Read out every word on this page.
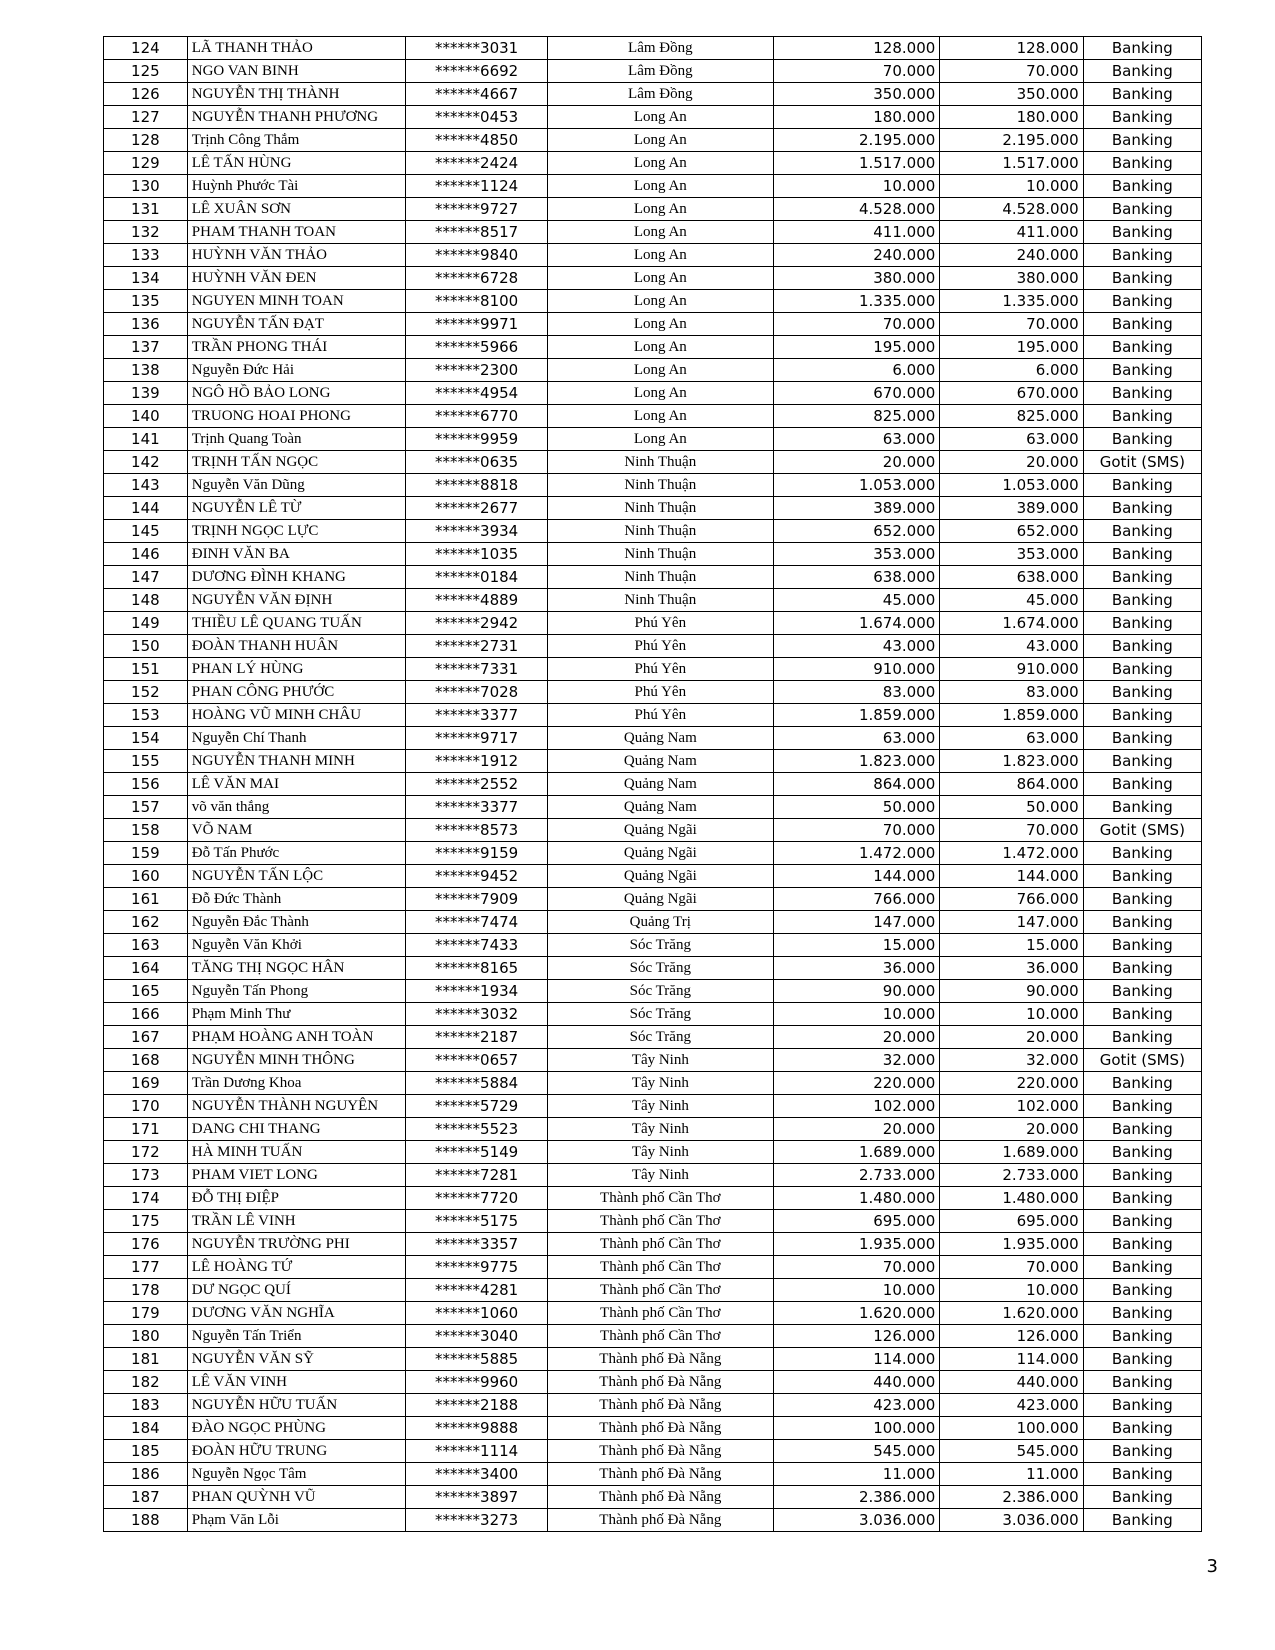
124	LÃ THANH THẢO	******3031	Lâm Đồng	128.000	128.000	Banking
125	NGO VAN BINH	******6692	Lâm Đồng	70.000	70.000	Banking
126	NGUYỄN THỊ THÀNH	******4667	Lâm Đồng	350.000	350.000	Banking
127	NGUYỄN THANH PHƯƠNG	******0453	Long An	180.000	180.000	Banking
128	Trịnh Công Thắm	******4850	Long An	2.195.000	2.195.000	Banking
129	LÊ TẤN HÙNG	******2424	Long An	1.517.000	1.517.000	Banking
130	Huỳnh Phước Tài	******1124	Long An	10.000	10.000	Banking
131	LÊ XUÂN SƠN	******9727	Long An	4.528.000	4.528.000	Banking
132	PHAM THANH TOAN	******8517	Long An	411.000	411.000	Banking
133	HUỲNH VĂN THẢO	******9840	Long An	240.000	240.000	Banking
134	HUỲNH VĂN ĐEN	******6728	Long An	380.000	380.000	Banking
135	NGUYEN MINH TOAN	******8100	Long An	1.335.000	1.335.000	Banking
136	NGUYỄN TẤN ĐẠT	******9971	Long An	70.000	70.000	Banking
137	TRẦN PHONG THÁI	******5966	Long An	195.000	195.000	Banking
138	Nguyễn Đức Hải	******2300	Long An	6.000	6.000	Banking
139	NGÔ HỒ BẢO LONG	******4954	Long An	670.000	670.000	Banking
140	TRUONG HOAI PHONG	******6770	Long An	825.000	825.000	Banking
141	Trịnh Quang Toàn	******9959	Long An	63.000	63.000	Banking
142	TRỊNH TẤN NGỌC	******0635	Ninh Thuận	20.000	20.000	Gotit (SMS)
143	Nguyễn Văn Dũng	******8818	Ninh Thuận	1.053.000	1.053.000	Banking
144	NGUYỄN LÊ TỪ	******2677	Ninh Thuận	389.000	389.000	Banking
145	TRỊNH NGỌC LỰC	******3934	Ninh Thuận	652.000	652.000	Banking
146	ĐINH VĂN BA	******1035	Ninh Thuận	353.000	353.000	Banking
147	DƯƠNG ĐÌNH KHANG	******0184	Ninh Thuận	638.000	638.000	Banking
148	NGUYỄN VĂN ĐỊNH	******4889	Ninh Thuận	45.000	45.000	Banking
149	THIỀU LÊ QUANG TUẤN	******2942	Phú Yên	1.674.000	1.674.000	Banking
150	ĐOÀN THANH HUÂN	******2731	Phú Yên	43.000	43.000	Banking
151	PHAN LÝ HÙNG	******7331	Phú Yên	910.000	910.000	Banking
152	PHAN CÔNG PHƯỚC	******7028	Phú Yên	83.000	83.000	Banking
153	HOÀNG VŨ MINH CHÂU	******3377	Phú Yên	1.859.000	1.859.000	Banking
154	Nguyễn Chí Thanh	******9717	Quảng Nam	63.000	63.000	Banking
155	NGUYỄN THANH MINH	******1912	Quảng Nam	1.823.000	1.823.000	Banking
156	LÊ VĂN MAI	******2552	Quảng Nam	864.000	864.000	Banking
157	võ văn thắng	******3377	Quảng Nam	50.000	50.000	Banking
158	VÕ NAM	******8573	Quảng Ngãi	70.000	70.000	Gotit (SMS)
159	Đỗ Tấn Phước	******9159	Quảng Ngãi	1.472.000	1.472.000	Banking
160	NGUYỄN TẤN LỘC	******9452	Quảng Ngãi	144.000	144.000	Banking
161	Đỗ Đức Thành	******7909	Quảng Ngãi	766.000	766.000	Banking
162	Nguyễn Đắc Thành	******7474	Quảng Trị	147.000	147.000	Banking
163	Nguyễn Văn Khởi	******7433	Sóc Trăng	15.000	15.000	Banking
164	TĂNG THỊ NGỌC HÂN	******8165	Sóc Trăng	36.000	36.000	Banking
165	Nguyễn Tấn Phong	******1934	Sóc Trăng	90.000	90.000	Banking
166	Phạm Minh Thư	******3032	Sóc Trăng	10.000	10.000	Banking
167	PHẠM HOÀNG ANH TOÀN	******2187	Sóc Trăng	20.000	20.000	Banking
168	NGUYỄN MINH THÔNG	******0657	Tây Ninh	32.000	32.000	Gotit (SMS)
169	Trần Dương Khoa	******5884	Tây Ninh	220.000	220.000	Banking
170	NGUYỄN THÀNH NGUYÊN	******5729	Tây Ninh	102.000	102.000	Banking
171	DANG CHI THANG	******5523	Tây Ninh	20.000	20.000	Banking
172	HÀ MINH TUẤN	******5149	Tây Ninh	1.689.000	1.689.000	Banking
173	PHAM VIET LONG	******7281	Tây Ninh	2.733.000	2.733.000	Banking
174	ĐỖ THỊ ĐIỆP	******7720	Thành phố Cần Thơ	1.480.000	1.480.000	Banking
175	TRẦN LÊ VINH	******5175	Thành phố Cần Thơ	695.000	695.000	Banking
176	NGUYỄN TRƯỜNG PHI	******3357	Thành phố Cần Thơ	1.935.000	1.935.000	Banking
177	LÊ HOÀNG TỨ	******9775	Thành phố Cần Thơ	70.000	70.000	Banking
178	DƯ NGỌC QUÍ	******4281	Thành phố Cần Thơ	10.000	10.000	Banking
179	DƯƠNG VĂN NGHĨA	******1060	Thành phố Cần Thơ	1.620.000	1.620.000	Banking
180	Nguyễn Tấn Triển	******3040	Thành phố Cần Thơ	126.000	126.000	Banking
181	NGUYỄN VĂN SỸ	******5885	Thành phố Đà Nẵng	114.000	114.000	Banking
182	LÊ VĂN VINH	******9960	Thành phố Đà Nẵng	440.000	440.000	Banking
183	NGUYỄN HỮU TUẤN	******2188	Thành phố Đà Nẵng	423.000	423.000	Banking
184	ĐÀO NGỌC PHÙNG	******9888	Thành phố Đà Nẵng	100.000	100.000	Banking
185	ĐOÀN HỮU TRUNG	******1114	Thành phố Đà Nẵng	545.000	545.000	Banking
186	Nguyễn Ngọc Tâm	******3400	Thành phố Đà Nẵng	11.000	11.000	Banking
187	PHAN QUỲNH VŨ	******3897	Thành phố Đà Nẵng	2.386.000	2.386.000	Banking
188	Phạm Văn Lỗi	******3273	Thành phố Đà Nẵng	3.036.000	3.036.000	Banking
3
